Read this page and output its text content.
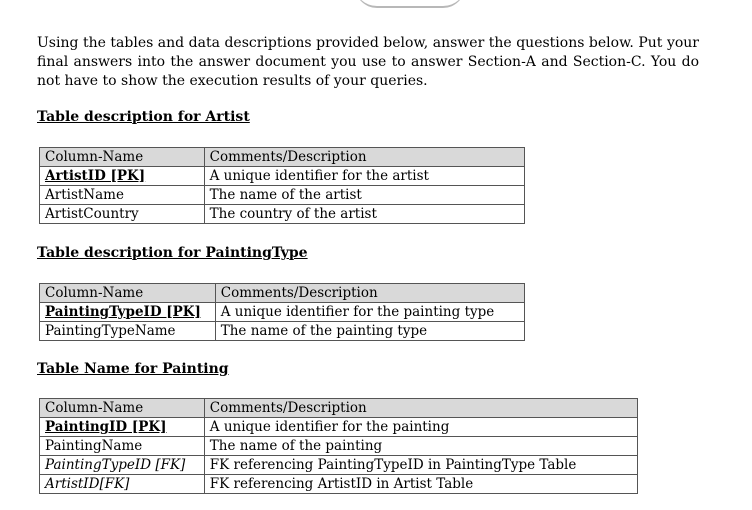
Using the tables and data descriptions provided below, answer the questions below. Put your final answers into the answer document you use to answer Section-A and Section-C. You do not have to show the execution results of your queries.

Table description for Artist

Column-Name	Comments/Description
ArtistID [PK]	A unique identifier for the artist
ArtistName	The name of the artist
ArtistCountry	The country of the artist

Table description for PaintingType

Column-Name	Comments/Description
PaintingTypeID [PK]	A unique identifier for the painting type
PaintingTypeName	The name of the painting type

Table Name for Painting

Column-Name	Comments/Description
PaintingID [PK]	A unique identifier for the painting
PaintingName	The name of the painting
PaintingTypeID [FK]	FK referencing PaintingTypeID in PaintingType Table
ArtistID[FK]	FK referencing ArtistID in Artist Table
